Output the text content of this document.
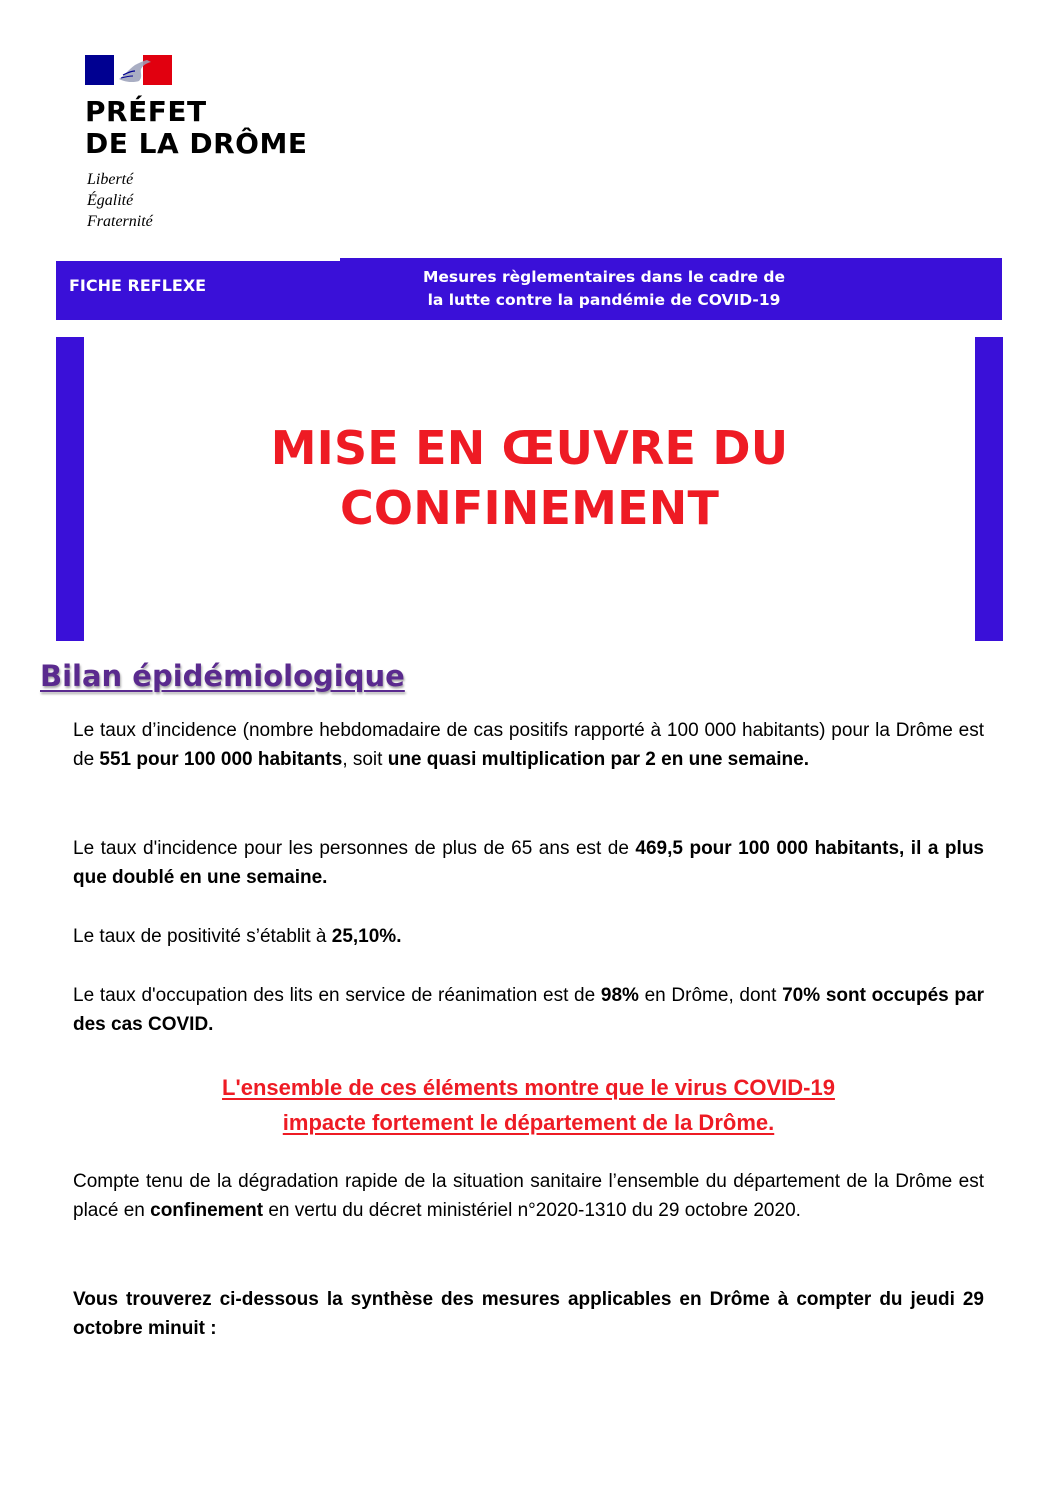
PRÉFET
DE LA DRÔME
Liberté
Égalité
Fraternité
FICHE REFLEXE	Mesures règlementaires dans le cadre de
la lutte contre la pandémie de COVID-19
MISE EN ŒUVRE DU CONFINEMENT
Bilan épidémiologique

Le taux d’incidence (nombre hebdomadaire de cas positifs rapporté à 100 000 habitants) pour la Drôme est de 551 pour 100 000 habitants, soit une quasi multiplication par 2 en une semaine.

Le taux d'incidence pour les personnes de plus de 65 ans est de 469,5 pour 100 000 habitants, il a plus que doublé en une semaine.

Le taux de positivité s’établit à 25,10%.

Le taux d'occupation des lits en service de réanimation est de 98% en Drôme, dont 70% sont occupés par des cas COVID.

L'ensemble de ces éléments montre que le virus COVID-19
impacte fortement le département de la Drôme.

Compte tenu de la dégradation rapide de la situation sanitaire l’ensemble du département de la Drôme est placé en confinement en vertu du décret ministériel n°2020-1310 du 29 octobre 2020.

Vous trouverez ci-dessous la synthèse des mesures applicables en Drôme à compter du jeudi 29 octobre minuit :
